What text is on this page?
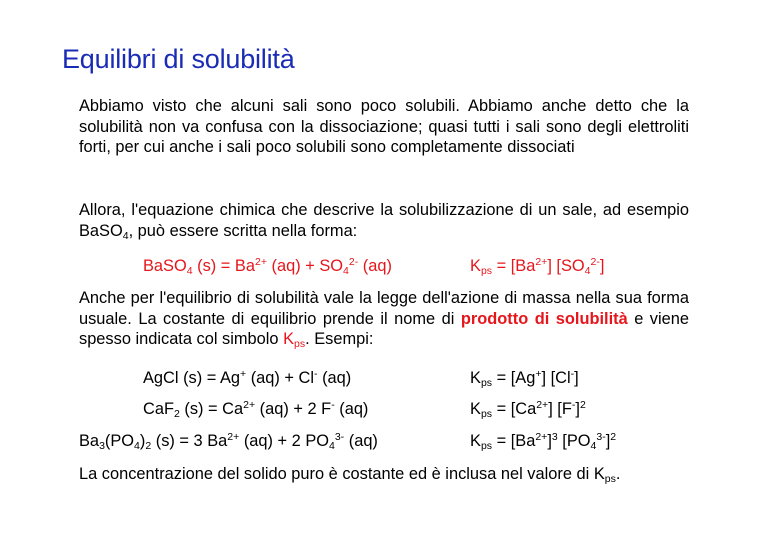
Equilibri di solubilità
Abbiamo visto che alcuni sali sono poco solubili. Abbiamo anche detto che la solubilità non va confusa con la dissociazione; quasi tutti i sali sono degli elettroliti forti, per cui anche i sali poco solubili sono completamente dissociati
Allora, l'equazione chimica che descrive la solubilizzazione di un sale, ad esempio BaSO$_4$, può essere scritta nella forma:
BaSO$_4$ $(s) = Ba^{2+}$ $(aq) + SO_4^{2-}$ (aq)	$K_{ps} = [Ba^{2+}]$ $[SO_4^{2-}]$
Anche per l'equilibrio di solubilità vale la legge dell'azione di massa nella sua forma usuale. La costante di equilibrio prende il nome di prodotto di solubilità e viene spesso indicata col simbolo $K_{ps}$. Esempi:
AgCl (s) = Ag+ (aq) + Cl- (aq)	$K_{ps} = [Ag^+]$ [Cl-]
CaF$_2$ $(s) = Ca^{2+}$ (aq) + 2 F- (aq)	$K_{ps} = [Ca^{2+}]$ $[F^-]^2$
$Ba_3(PO_4)_2$ (s) = 3 $Ba^{2+}$ (aq) + 2 $PO_4^{3-}$ (aq)	$K_{ps} = [Ba^{2+}]^3$ $[PO_4^{3-}]^2$
La concentrazione del solido puro è costante ed è inclusa nel valore di $K_{ps}$.
